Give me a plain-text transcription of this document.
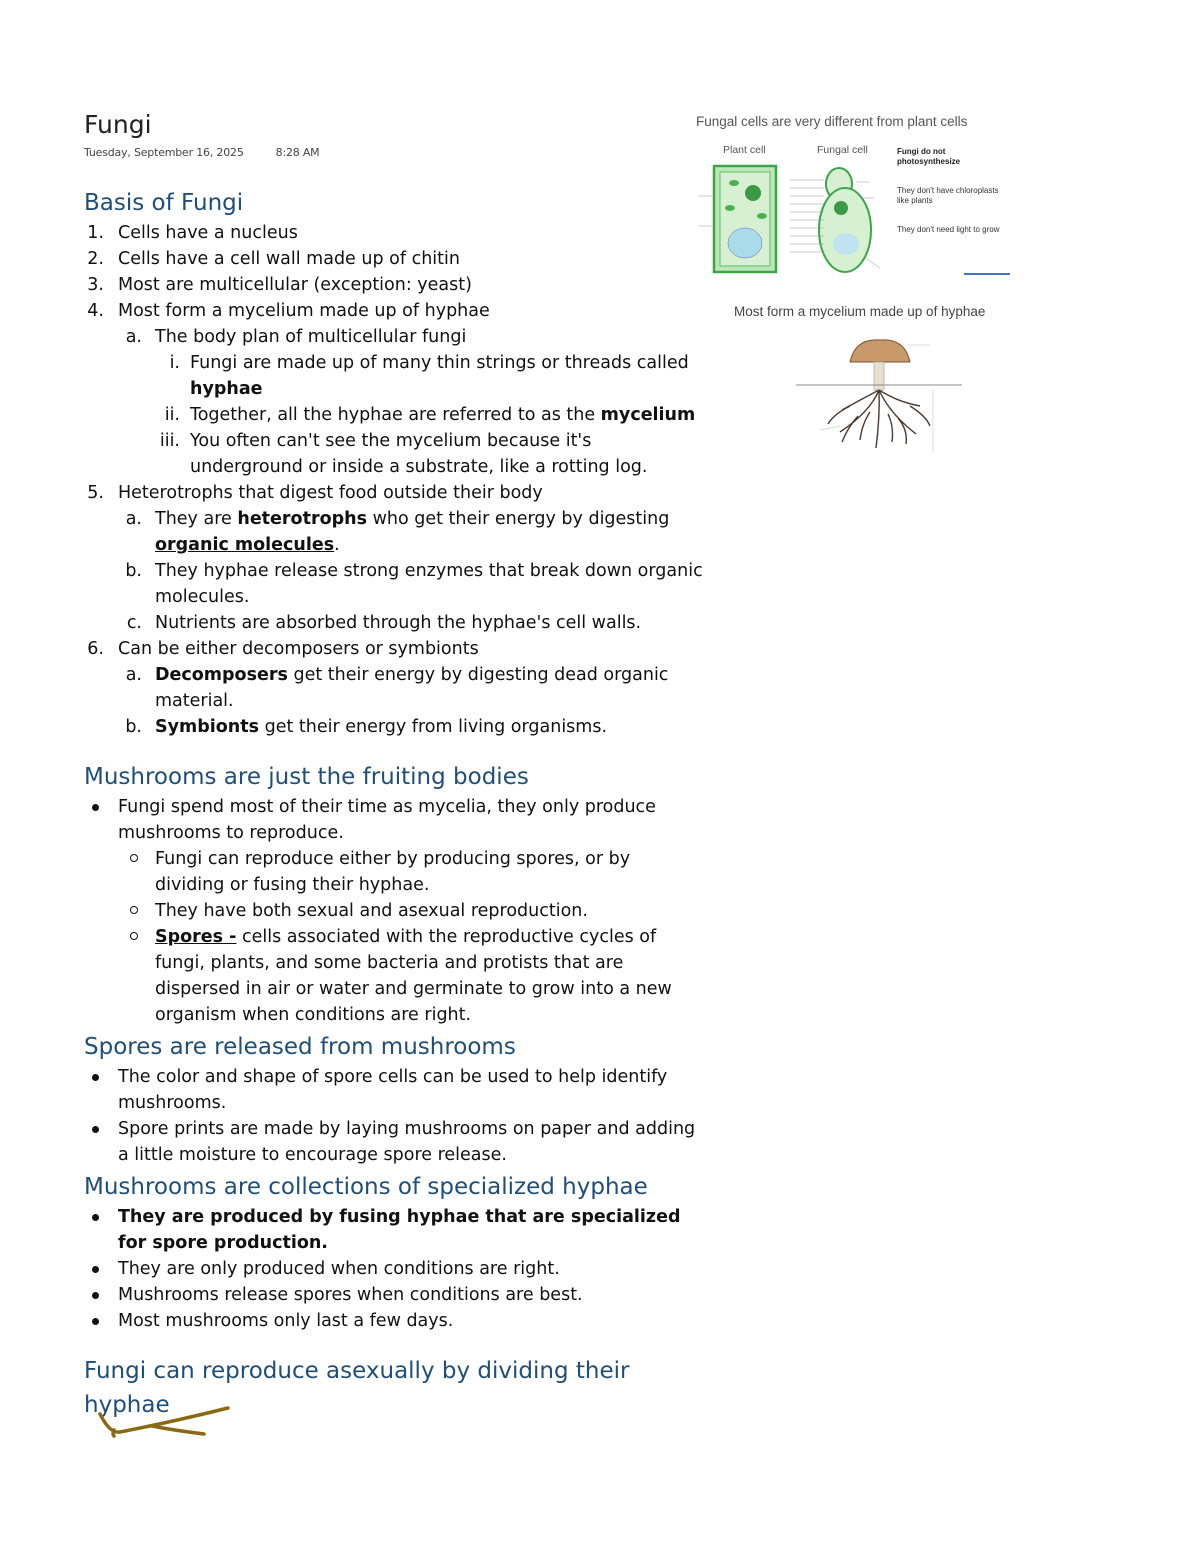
Fungi
Tuesday, September 16, 2025	8:28 AM
Basis of Fungi
1. Cells have a nucleus
2. Cells have a cell wall made up of chitin
3. Most are multicellular (exception: yeast)
4. Most form a mycelium made up of hyphae
a. The body plan of multicellular fungi
i. Fungi are made up of many thin strings or threads called hyphae
ii. Together, all the hyphae are referred to as the mycelium
iii. You often can't see the mycelium because it's underground or inside a substrate, like a rotting log.
5. Heterotrophs that digest food outside their body
a. They are heterotrophs who get their energy by digesting organic molecules.
b. They hyphae release strong enzymes that break down organic molecules.
c. Nutrients are absorbed through the hyphae's cell walls.
6. Can be either decomposers or symbionts
a. Decomposers get their energy by digesting dead organic material.
b. Symbionts get their energy from living organisms.
Mushrooms are just the fruiting bodies
Fungi spend most of their time as mycelia, they only produce mushrooms to reproduce.
Fungi can reproduce either by producing spores, or by dividing or fusing their hyphae.
They have both sexual and asexual reproduction.
Spores - cells associated with the reproductive cycles of fungi, plants, and some bacteria and protists that are dispersed in air or water and germinate to grow into a new organism when conditions are right.
Spores are released from mushrooms
The color and shape of spore cells can be used to help identify mushrooms.
Spore prints are made by laying mushrooms on paper and adding a little moisture to encourage spore release.
Mushrooms are collections of specialized hyphae
They are produced by fusing hyphae that are specialized for spore production.
They are only produced when conditions are right.
Mushrooms release spores when conditions are best.
Most mushrooms only last a few days.
Fungi can reproduce asexually by dividing their hyphae
Fungal cells are very different from plant cells
Plant cell	Fungal cell	Fungi do not photosynthesize
They don't have chloroplasts like plants
They don't need light to grow
Most form a mycelium made up of hyphae
